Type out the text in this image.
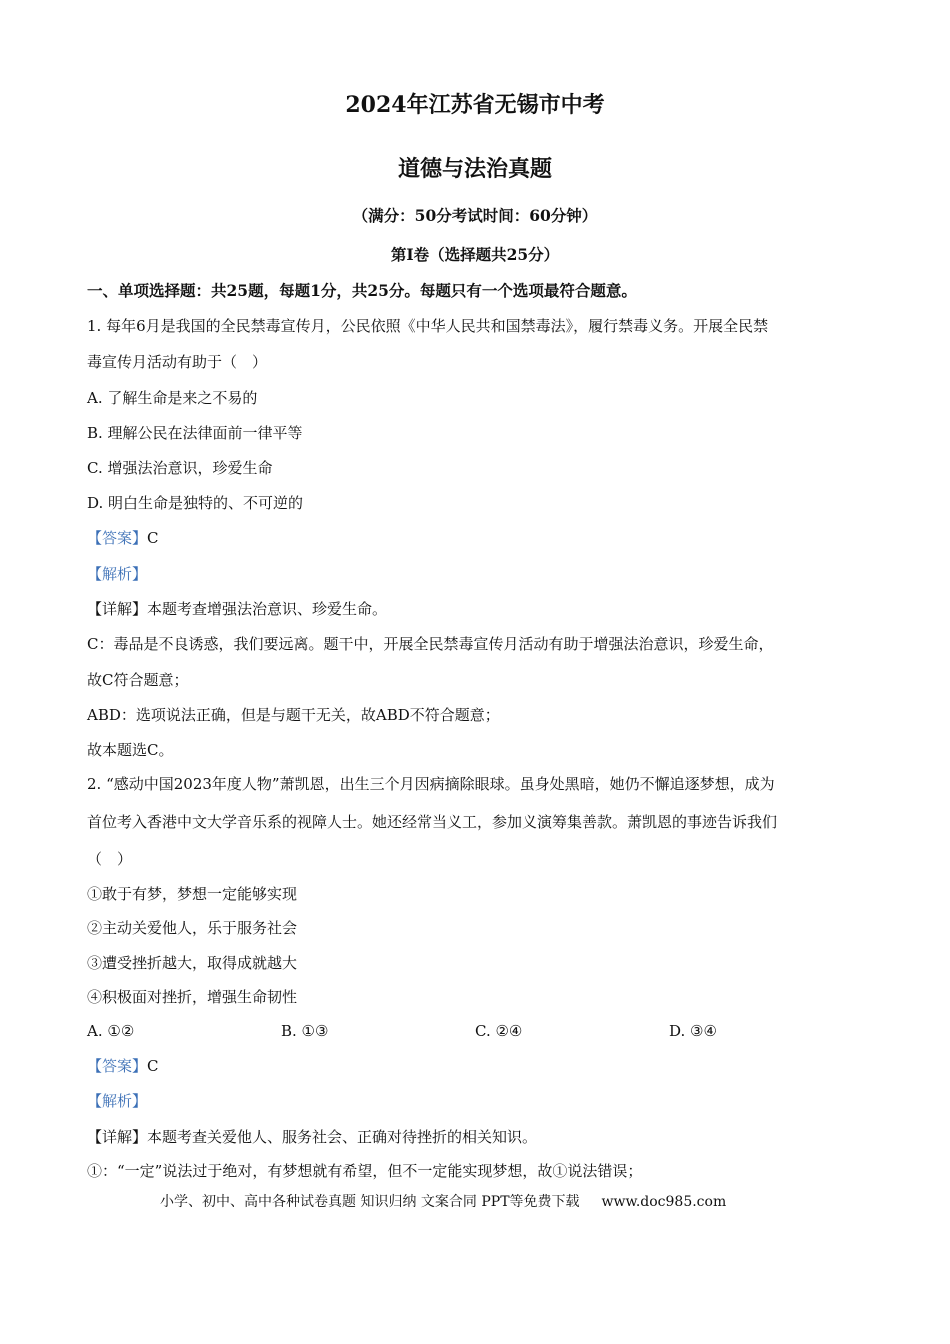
2024年江苏省无锡市中考
道德与法治真题
（满分：50分考试时间：60分钟）
第Ⅰ卷（选择题共25分）
一、单项选择题：共25题，每题1分，共25分。每题只有一个选项最符合题意。
1. 每年6月是我国的全民禁毒宣传月，公民依照《中华人民共和国禁毒法》，履行禁毒义务。开展全民禁
毒宣传月活动有助于（　）
A. 了解生命是来之不易的
B. 理解公民在法律面前一律平等
C. 增强法治意识，珍爱生命
D. 明白生命是独特的、不可逆的
【答案】C
【解析】
【详解】本题考查增强法治意识、珍爱生命。
C：毒品是不良诱惑，我们要远离。题干中，开展全民禁毒宣传月活动有助于增强法治意识，珍爱生命，
故C符合题意；
ABD：选项说法正确，但是与题干无关，故ABD不符合题意；
故本题选C。
2. “感动中国2023年度人物”萧凯恩，出生三个月因病摘除眼球。虽身处黑暗，她仍不懈追逐梦想，成为
首位考入香港中文大学音乐系的视障人士。她还经常当义工，参加义演筹集善款。萧凯恩的事迹告诉我们
（　）
①敢于有梦，梦想一定能够实现
②主动关爱他人，乐于服务社会
③遭受挫折越大，取得成就越大
④积极面对挫折，增强生命韧性
A. ①②	B. ①③	C. ②④	D. ③④
【答案】C
【解析】
【详解】本题考查关爱他人、服务社会、正确对待挫折的相关知识。
①：“一定”说法过于绝对，有梦想就有希望，但不一定能实现梦想，故①说法错误；
小学、初中、高中各种试卷真题 知识归纳 文案合同 PPT等免费下载 www.doc985.com
